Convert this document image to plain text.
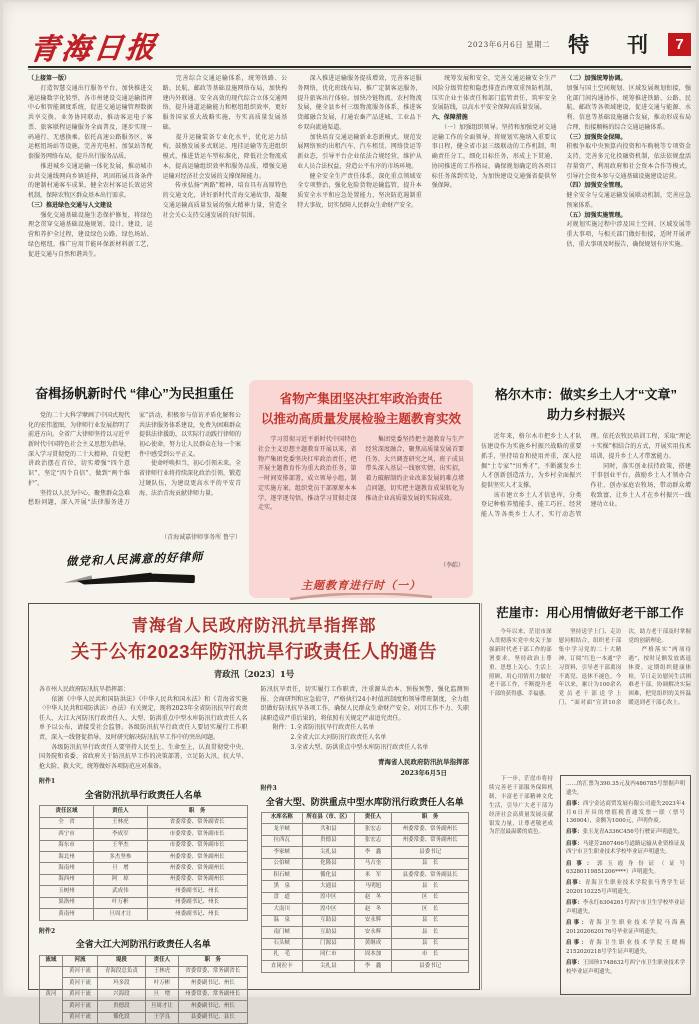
青海日报	2023年6月6日 星期二 特 刊 7
（上接第一版）
　　打造智慧交通出行服务平台，加快推进交通运输数字化转型，各市州建设交通运输指挥中心和智能调度系统，促进交通运输管理数据共享交换、业务协同联动，推动客运电子客票、旅客联程运输服务全面普及，逐步实现一码通行、无感换乘。依托高速公路服务区、客运枢纽场站等设施，完善充电桩、加氢站等配套服务网络布局，提升出行服务品质。
　　推进城乡交通运输一体化发展，推动城市公共交通线网向乡镇延伸，巩固拓展具备条件的建制村通客车成果，健全农村客运长效运营机制，保障农牧区群众基本出行需求。
（三）推进绿色交通与人文建设
　　强化交通基础设施生态保护修复，将绿色理念贯穿交通基础设施规划、设计、建设、运营和养护全过程，建设绿色公路、绿色场站、绿色枢纽，推广应用节能环保新材料新工艺，促进交通与自然和谐共生。
　　完善综合交通运输体系，统筹铁路、公路、民航、邮政等基础设施网络布局，加快构建内外联通、安全高效的现代综合立体交通网络，提升通道运输能力和枢纽组织效率，更好服务国家重大战略实施，夯实高质量发展基础。
　　提升运输装备专业化水平，优化运力结构，鼓励发展多式联运、甩挂运输等先进组织模式，推进货运车型标准化，降低社会物流成本，提高运输组织效率和服务品质，增强交通运输对经济社会发展的支撑保障能力。
　　传承弘扬“两路”精神，培育具有高原特色的交通文化，讲好新时代青海交通故事，凝聚交通运输高质量发展的强大精神力量，营造全社会关心支持交通发展的良好氛围。
　　深入推进运输服务提质增效，完善客运服务网络，优化班线布局，推广定制客运服务，提升旅客出行体验。加快冷链物流、农村物流发展，健全县乡村三级物流服务体系，推进客货邮融合发展，打通农畜产品进城、工业品下乡双向流通渠道。
　　加快培育交通运输新业态新模式，规范发展网络预约出租汽车、汽车租赁、网络货运等新业态，引导平台企业依法合规经营，维护从业人员合法权益，营造公平有序的市场环境。
　　健全安全生产责任体系，深化重点领域安全专项整治，强化危险货物运输监管，提升本质安全水平和应急处置能力，坚决防范遏制重特大事故，切实保障人民群众生命财产安全。
　　统筹发展和安全，完善交通运输安全生产风险分级管控和隐患排查治理双重预防机制，压实企业主体责任和部门监管责任，筑牢安全发展防线，以高水平安全保障高质量发展。
六、保障措施
　　（一）加强组织领导。坚持和加强党对交通运输工作的全面领导，将规划实施纳入重要议事日程，健全省市县三级联动的工作机制，明确责任分工，细化目标任务，形成上下贯通、协同推进的工作格局，确保规划确定的各项目标任务落到实处，为加快建设交通强省提供坚强保障。
（二）加强统筹协调。
加强与国土空间规划、区域发展规划衔接，强化部门间沟通协作，统筹推进铁路、公路、民航、邮政等各领域建设，促进交通与能源、水利、信息等基础设施融合发展，推动形成布局合理、衔接顺畅的综合交通运输体系。
（三）加强资金保障。
积极争取中央预算内投资和车购税等专项资金支持，完善多元化投融资机制，依法依规盘活存量资产，利用政府和社会资本合作等模式，引导社会资本参与交通基础设施建设运营。
（四）加强安全管理。
健全安全与交通运输发展联动机制，完善应急预案体系。
（五）加强实施管理。
对规划实施过程中涉及国土空间、区域发展等重大事项，与相关部门做好衔接，适时开展评估，重大事项及时报告，确保规划有序实施。
奋楫扬帆新时代 “律心”为民担重任
　　党的二十大科学擘画了中国式现代化的宏伟蓝图，为律师行业发展指明了前进方向。全省广大律师坚持以习近平新时代中国特色社会主义思想为指导，深入学习贯彻党的二十大精神，自觉把讲政治摆在首位，切实增强“四个意识”、坚定“四个自信”、做到“两个维护”。
　　坚持以人民为中心，聚焦群众急难愁盼问题，深入开展“法律服务进万家”活动，积极参与信访矛盾化解和公共法律服务体系建设，免费为困难群众提供法律援助，以实际行动践行律师的初心使命，努力让人民群众在每一个案件中感受到公平正义。
　　使命呼唤担当，初心引领未来。全省律师行业将持续深化政治引领，锻造过硬队伍，为建设更高水平的平安青海、法治青海贡献律师力量。
（青海诚嘉律师事务所 鲁宁）
做党和人民满意的好律师
省物产集团坚决扛牢政治责任
以推动高质量发展检验主题教育实效
　　学习贯彻习近平新时代中国特色社会主义思想主题教育开展以来，省物产集团党委坚决扛牢政治责任，把开展主题教育作为重大政治任务，第一时间安排部署，成立领导小组，制定实施方案，组织党员干部原原本本学、逐字逐句悟，推动学习贯彻走深走实。
　　集团党委坚持把主题教育与生产经营深度融合，聚焦高质量发展首要任务，大兴调查研究之风，班子成员带头深入基层一线察实情、出实招，着力破解制约企业改革发展的难点堵点问题，切实把主题教育成果转化为推动企业高质量发展的实际成效。
（李皓）
主题教育进行时（一）
格尔木市：做实乡土人才“文章”
助力乡村振兴
　　近年来，格尔木市把乡土人才队伍建设作为实施乡村振兴战略的重要抓手，坚持培育和使用并重，深入挖掘“土专家”“田秀才”，不断激发乡土人才创新创造活力，为乡村全面振兴提供坚实人才支撑。
　　该市建立乡土人才信息库，分类登记种植养殖能手、能工巧匠、经营能人等各类乡土人才，实行动态管理。依托农牧民培训工程，采取“理论＋实操”相结合的方式，开展实用技术培训，提升乡土人才带富能力。
　　同时，落实创业扶持政策，搭建干事创业平台，鼓励乡土人才领办合作社、创办家庭农牧场，带动群众增收致富，让乡土人才在乡村振兴一线建功立业。
青海省人民政府防汛抗旱指挥部
关于公布2023年防汛抗旱行政责任人的通告
青政汛〔2023〕1号
各市州人民政府防汛抗旱指挥部：
　　依据《中华人民共和国防洪法》《中华人民共和国水法》和《青海省实施〈中华人民共和国防洪法〉办法》有关规定，现将2023年全省防汛抗旱行政责任人、大江大河防汛行政责任人、大型、防洪重点中型水库防汛行政责任人名单予以公布，请接受社会监督。各级防汛抗旱行政责任人要切实履行工作职责，深入一线督促指导，及时研究解决防汛抗旱工作中的突出问题。
　　各级防汛抗旱行政责任人要坚持人民至上、生命至上，认真贯彻党中央、国务院和省委、省政府关于防汛抗旱工作的决策部署，立足防大汛、抗大旱、抢大险、救大灾，统筹做好各项防范应对准备。
附件1
全省防汛抗旱行政责任人名单
责任区域	责任人	职　务
全　省	王林虎	省委常委、常务副省长
西宁市	李成军	市委常委、常务副市长
海东市	王华杰	市委常委、常务副市长
海北州	多杰坚参	州委常委、常务副州长
海南州	旦　增	州委常委、常务副州长
海西州	阿　琼	州委常委、常务副州长
玉树州	武成伟	州委副书记、州长
果洛州	叶万彬	州委副书记、州长
黄南州	旦周才让	州委副书记、州长
附件2
全省大江大河防汛行政责任人名单
流域	河流	堤段	责任人	职　务
黄河	黄河干流	青海段总负责	王林虎	省委常委、常务副省长
	黄河干流	玛多段	叶万彬	州委副书记、州长
	黄河干流	兴海段	旦　增	州委常委、常务副州长
	黄河干流	贵德段	旦周才让	州委副书记、州长
	黄河干流	循化段	王学良	县委副书记、县长
防汛抗旱责任，切实履行工作职责，注重源头治本、预报预警，强化监测预报、会商研判和应急值守，严格执行24小时值班制度和领导带班制度，全力组织做好防汛抗旱各项工作，确保人民群众生命财产安全。对因工作不力、失职渎职造成严重后果的，将依照有关规定严肃追究责任。
　　附件：1.全省防汛抗旱行政责任人名单
　　　　　2.全省大江大河防汛行政责任人名单
　　　　　3.全省大型、防洪重点中型水库防汛行政责任人名单
青海省人民政府防汛抗旱指挥部
2023年6月5日
附件3
全省大型、防洪重点中型水库防汛行政责任人名单
水库名称	所在县（市、区）	责任人	职　务
龙羊峡	共和县	张宏志	州委常委、常务副州长
拉西瓦	贵德县	张宏志	州委常委、常务副州长
李家峡	尖扎县	李　鑫	县委书记
公伯峡	化隆县	马占奎	县　长
积石峡	循化县	米　军	县委常委、常务副县长
黑　泉	大通县	马明旭	县　长
盘　道	湟中区	赵　冬	区　长
大南川	湟中区	赵　冬	区　长
温　泉	互助县	安永辉	县　长
南门峡	互助县	安永辉	县　长
石头峡	门源县	黄继成	县　长
扎　毛	同仁市	周本加	市　长
直岗拉卡	尖扎县	李　鑫	县委书记
茫崖市：用心用情做好老干部工作
　　今年以来，茫崖市深入贯彻落实党中央关于加强新时代老干部工作的部署要求，坚持政治上尊重、思想上关心、生活上照顾，用心用情用力做好老干部工作，不断提升老干部的获得感、幸福感。
　　坚持送学上门、走访慰问相结合，组织老干部集中学习党的二十大精神，订阅“红色一本通”学习资料，引导老干部离岗不离党、退休不褪色。今年以来，累计为100余名党员老干部送学上门，“面对面”宣讲10余次，助力老干部及时掌握党的创新理论。
　　严格落实“两项待遇”，按时足额发放离退休费，定期组织健康体检，节日走访慰问生活困难老干部，协调解决实际困难，把党组织的关怀温暖送到老干部心坎上。
　　下一步，茫崖市将持续完善老干部服务保障机制，丰富老干部精神文化生活，引导广大老干部为经济社会高质量发展贡献银发力量，让尊老敬老成为茫崖最温暖的底色。

……的汇票为390.35元及内486785号票据声明遗失。

启事：西宁金达商贸发展有限公司遗失2023年4月6日开具的增值税普通发票一联（票号136904），金额为1000元，声明作废。

启事：张玉龙青A336C456号行驶证声明遗失。

启事：马建芳2607466号道路运输从业资格证及西宁市卫生职业技术学校毕业证声明遗失。

启事：郭玉霞身份证（证号63280119851206****）声明遗失。

启事：青海卫生职业技术学院张马秀学生证2020110225号声明遗失。

启事：李永红6304261号西宁市卫生学校毕业证声明遗失。

启事：青海卫生职业技术学院马海燕2012020620176号毕业证声明遗失。

启事：青海卫生职业技术学院王晓梅2152020218号学生证声明遗失。

启事：王国珍1748632号西宁市卫生职业技术学校毕业证声明遗失。
